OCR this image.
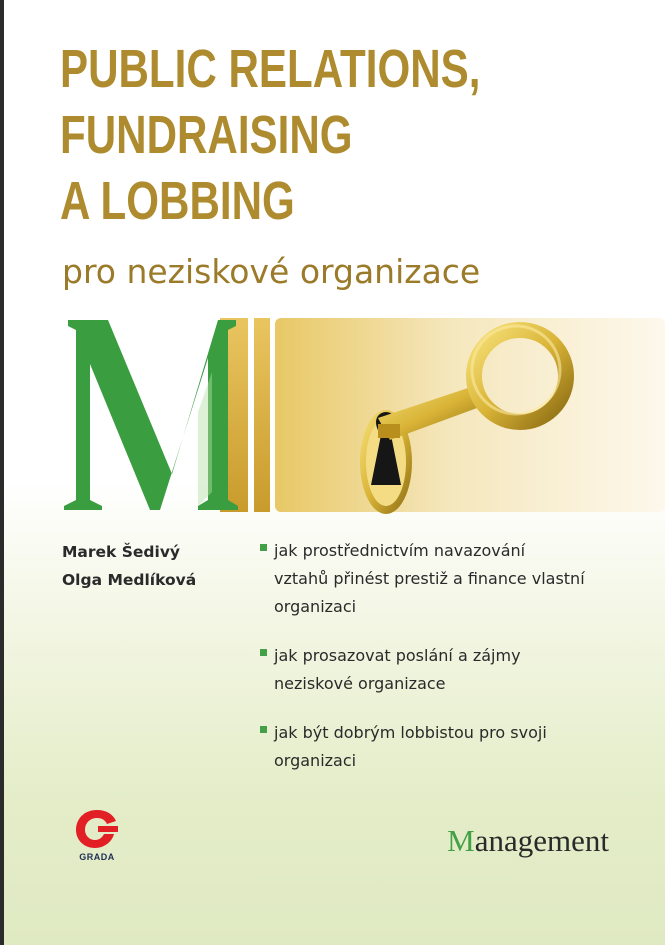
PUBLIC RELATIONS,
FUNDRAISING
A LOBBING
pro neziskové organizace
Marek Šedivý
Olga Medlíková
jak prostřednictvím navazování
vztahů přinést prestiž a finance vlastní
organizaci
jak prosazovat poslání a zájmy
neziskové organizace
jak být dobrým lobbistou pro svoji
organizaci
GRADA	Management
